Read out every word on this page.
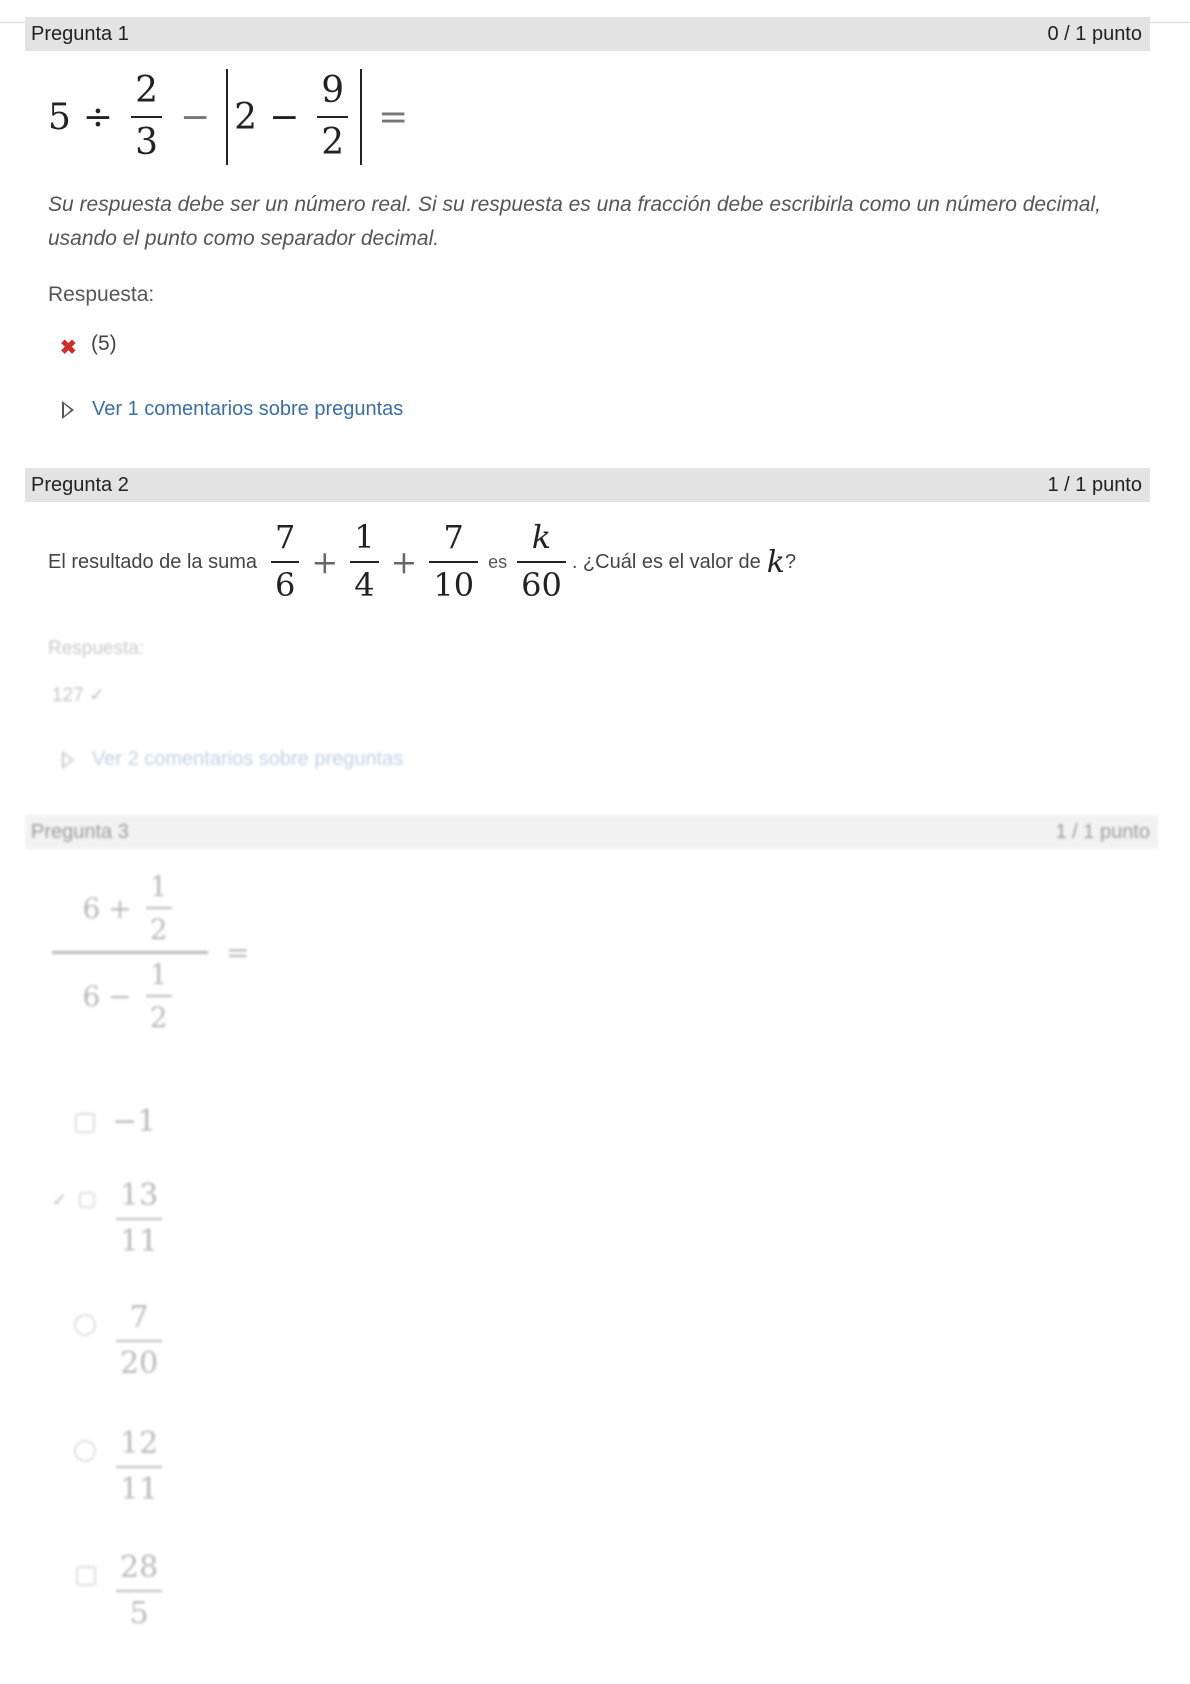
Pregunta 1	0 / 1 punto
$5 \div \frac{2}{3} - 2 - \frac{9}{2}$ =
Su respuesta debe ser un número real. Si su respuesta es una fracción debe escribirla como un número decimal, usando el punto como separador decimal.
Respuesta:
✖ (5)
Ver 1 comentarios sobre preguntas
Pregunta 2	1 / 1 punto
El resultado de la suma $\frac{7}{6} + \frac{1}{4} + \frac{7}{10}$ es $\frac{k}{60}$ . ¿Cuál es el valor de k ?
Respuesta:
127 ✓
Ver 2 comentarios sobre preguntas
Pregunta 3	1 / 1 punto
$6 + \frac{1}{2}$
$6 - \frac{1}{2}$
=
−1
✓ 13
11
7
20
12
11
28
5
